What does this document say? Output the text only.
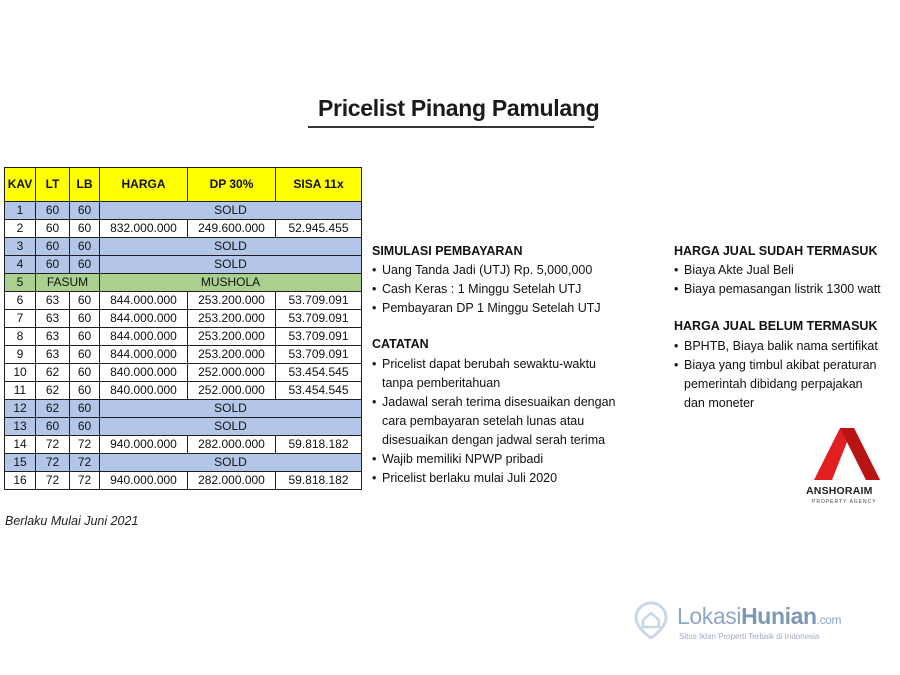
Pricelist Pinang Pamulang
KAV	LT	LB	HARGA	DP 30%	SISA 11x
1	60	60	SOLD		
2	60	60	832.000.000	249.600.000	52.945.455
3	60	60	SOLD		
4	60	60	SOLD		
5	FASUM		MUSHOLA		
6	63	60	844.000.000	253.200.000	53.709.091
7	63	60	844.000.000	253.200.000	53.709.091
8	63	60	844.000.000	253.200.000	53.709.091
9	63	60	844.000.000	253.200.000	53.709.091
10	62	60	840.000.000	252.000.000	53.454.545
11	62	60	840.000.000	252.000.000	53.454.545
12	62	60	SOLD		
13	60	60	SOLD		
14	72	72	940.000.000	282.000.000	59.818.182
15	72	72	SOLD		
16	72	72	940.000.000	282.000.000	59.818.182
Berlaku Mulai Juni 2021
SIMULASI PEMBAYARAN
• Uang Tanda Jadi (UTJ) Rp. 5,000,000
• Cash Keras : 1 Minggu Setelah UTJ
• Pembayaran DP 1 Minggu Setelah UTJ
CATATAN
• Pricelist dapat berubah sewaktu-waktu
tanpa pemberitahuan
• Jadawal serah terima disesuaikan dengan
cara pembayaran setelah lunas atau
disesuaikan dengan jadwal serah terima
• Wajib memiliki NPWP pribadi
• Pricelist berlaku mulai Juli 2020
HARGA JUAL SUDAH TERMASUK
• Biaya Akte Jual Beli
• Biaya pemasangan listrik 1300 watt
HARGA JUAL BELUM TERMASUK
• BPHTB, Biaya balik nama sertifikat
• Biaya yang timbul akibat peraturan
pemerintah dibidang perpajakan
dan moneter
ANSHORAIM
PROPERTY AGENCY
LokasiHunian.com
Situs Iklan Properti Terbaik di Indonesia
